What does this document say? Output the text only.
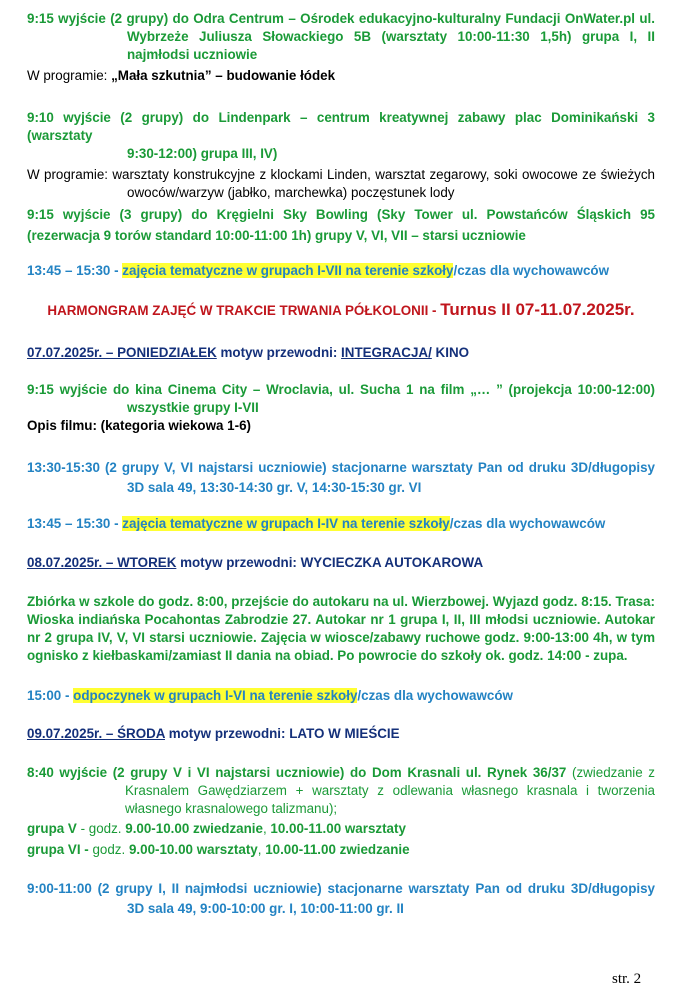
9:15 wyjście (2 grupy) do Odra Centrum – Ośrodek edukacyjno-kulturalny Fundacji OnWater.pl ul.
Wybrzeże Juliusza Słowackiego 5B (warsztaty 10:00-11:30 1,5h) grupa I, II
najmłodsi uczniowie
W programie: „Mała szkutnia” – budowanie łódek
9:10 wyjście (2 grupy) do Lindenpark – centrum kreatywnej zabawy plac Dominikański 3 (warsztaty
9:30-12:00) grupa III, IV)
W programie: warsztaty konstrukcyjne z klockami Linden, warsztat zegarowy, soki owocowe ze świeżych
owoców/warzyw (jabłko, marchewka) poczęstunek lody
9:15 wyjście (3 grupy) do Kręgielni Sky Bowling (Sky Tower ul. Powstańców Śląskich 95
(rezerwacja 9 torów standard 10:00-11:00 1h) grupy V, VI, VII – starsi uczniowie
13:45 – 15:30 - zajęcia tematyczne w grupach I-VII na terenie szkoły/czas dla wychowawców
HARMONGRAM ZAJĘĆ W TRAKCIE TRWANIA PÓŁKOLONII - Turnus II 07-11.07.2025r.
07.07.2025r. – PONIEDZIAŁEK motyw przewodni: INTEGRACJA/ KINO
9:15 wyjście do kina Cinema City – Wroclavia, ul. Sucha 1 na film „… ” (projekcja 10:00-12:00)
wszystkie grupy I-VII
Opis filmu: (kategoria wiekowa 1-6)
13:30-15:30 (2 grupy V, VI najstarsi uczniowie) stacjonarne warsztaty Pan od druku 3D/długopisy
3D sala 49, 13:30-14:30 gr. V, 14:30-15:30 gr. VI
13:45 – 15:30 - zajęcia tematyczne w grupach I-IV na terenie szkoły/czas dla wychowawców
08.07.2025r. – WTOREK motyw przewodni: WYCIECZKA AUTOKAROWA
Zbiórka w szkole do godz. 8:00, przejście do autokaru na ul. Wierzbowej. Wyjazd godz. 8:15. Trasa:
Wioska indiańska Pocahontas Zabrodzie 27. Autokar nr 1 grupa I, II, III młodsi uczniowie. Autokar
nr 2 grupa IV, V, VI starsi uczniowie. Zajęcia w wiosce/zabawy ruchowe godz. 9:00-13:00 4h, w tym
ognisko z kiełbaskami/zamiast II dania na obiad. Po powrocie do szkoły ok. godz. 14:00 - zupa.
15:00 - odpoczynek w grupach I-VI na terenie szkoły/czas dla wychowawców
09.07.2025r. – ŚRODA motyw przewodni: LATO W MIEŚCIE
8:40 wyjście (2 grupy V i VI najstarsi uczniowie) do Dom Krasnali ul. Rynek 36/37 (zwiedzanie z
Krasnalem Gawędziarzem + warsztaty z odlewania własnego krasnala i tworzenia
własnego krasnalowego talizmanu);
grupa V - godz. 9.00-10.00 zwiedzanie, 10.00-11.00 warsztaty
grupa VI - godz. 9.00-10.00 warsztaty, 10.00-11.00 zwiedzanie
9:00-11:00 (2 grupy I, II najmłodsi uczniowie) stacjonarne warsztaty Pan od druku 3D/długopisy
3D sala 49, 9:00-10:00 gr. I, 10:00-11:00 gr. II
str. 2
